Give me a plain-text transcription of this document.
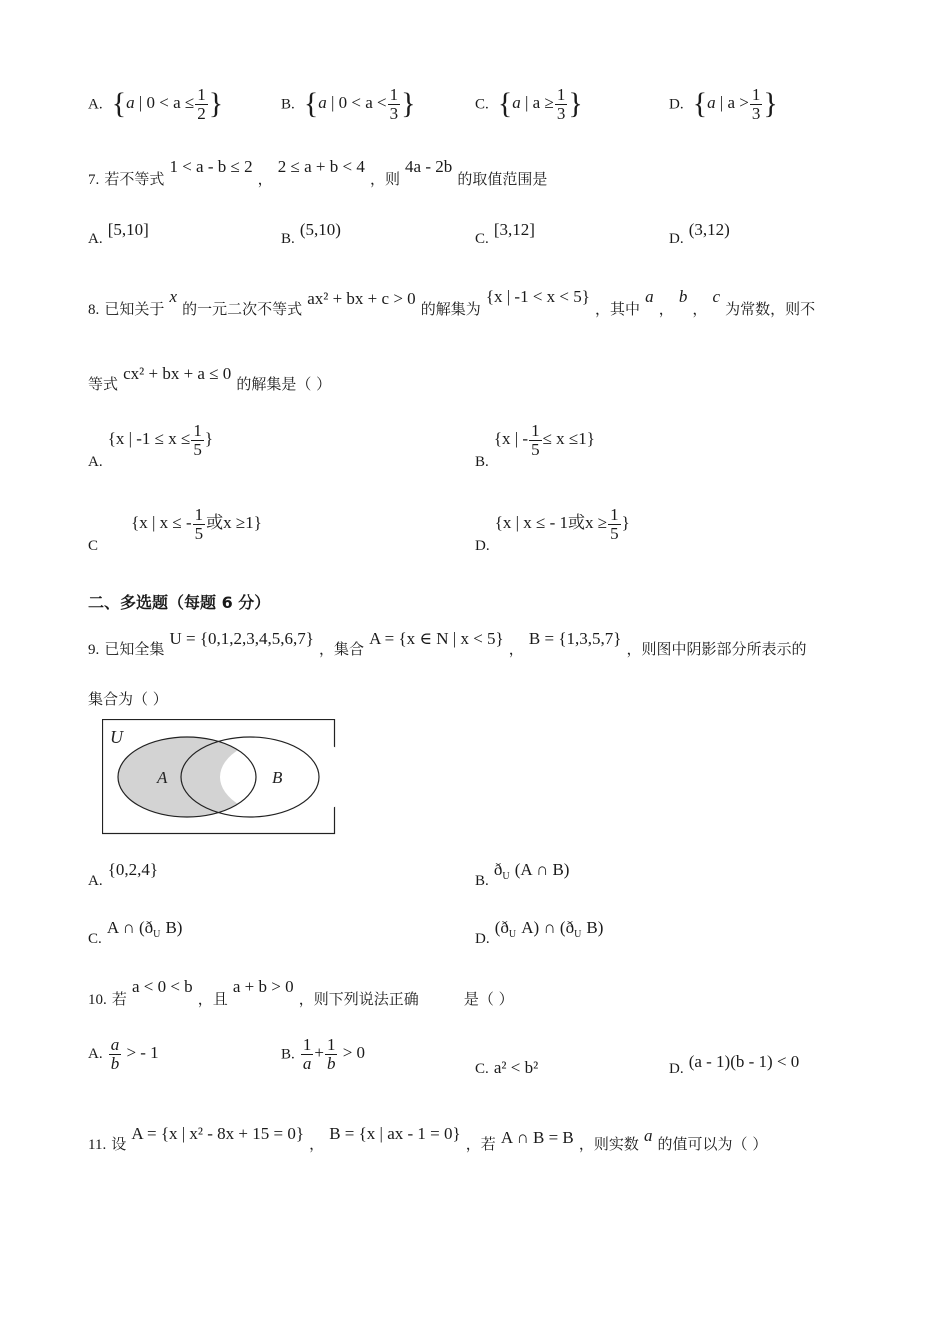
A. {a | $0 < a \le \frac{1}{2}$ }	B. {a | $0 < a < \frac{1}{3}$ }	C. {a | $a \ge \frac{1}{3}$ }	D. {a | $a > \frac{1}{3}$ }
7. 若不等式 1 < a - b ≤ 2 ， 2 ≤ a + b < 4 ，则 4a - 2b 的取值范围是
A. [5,10]	B. (5,10)	C. [3,12]	D. (3,12)
8. 已知关于 x 的一元二次不等式 ax² + bx + c > 0 的解集为 {x | -1 < x < 5} ，其中 a ， b ， c 为常数，则不
等式 cx² + bx + a ≤ 0 的解集是（ ）
A. {x | $-1 \le x \le \frac{1}{5}$ }
B. {x | - $\frac{1}{5} \le x \le 1$}
C {x | x ≤ - $\frac{1}{5}$ 或x ≥1}
D. {x | x ≤ - 1或$x \ge \frac{1}{5}$ }
二、多选题（每题 6 分）
9. 已知全集 U = {0,1,2,3,4,5,6,7} ，集合 A = {x ∈ N | x < 5} ， B = {1,3,5,7} ，则图中阴影部分所表示的
集合为（ ）
U
A	B
A. {0,2,4}
B. $ð_U$ (A ∩ B)
C. A ∩ ($ð_U$ B)
D. ($ð_U$ A) ∩ ($ð_U$ B)
10. 若 a < 0 < b ，且 a + b > 0 ，则下列说法正确	是（ ）
A. $\frac{a}{b}$ > - 1	B. $\frac{1}{a} + \frac{1}{b} > 0$
C. a² < b²	D. (a - 1)(b - 1) < 0
11. 设 A = {x | x² - 8x + 15 = 0} ， B = {x | ax - 1 = 0} ，若 A ∩ B = B ，则实数 a 的值可以为（ ）
